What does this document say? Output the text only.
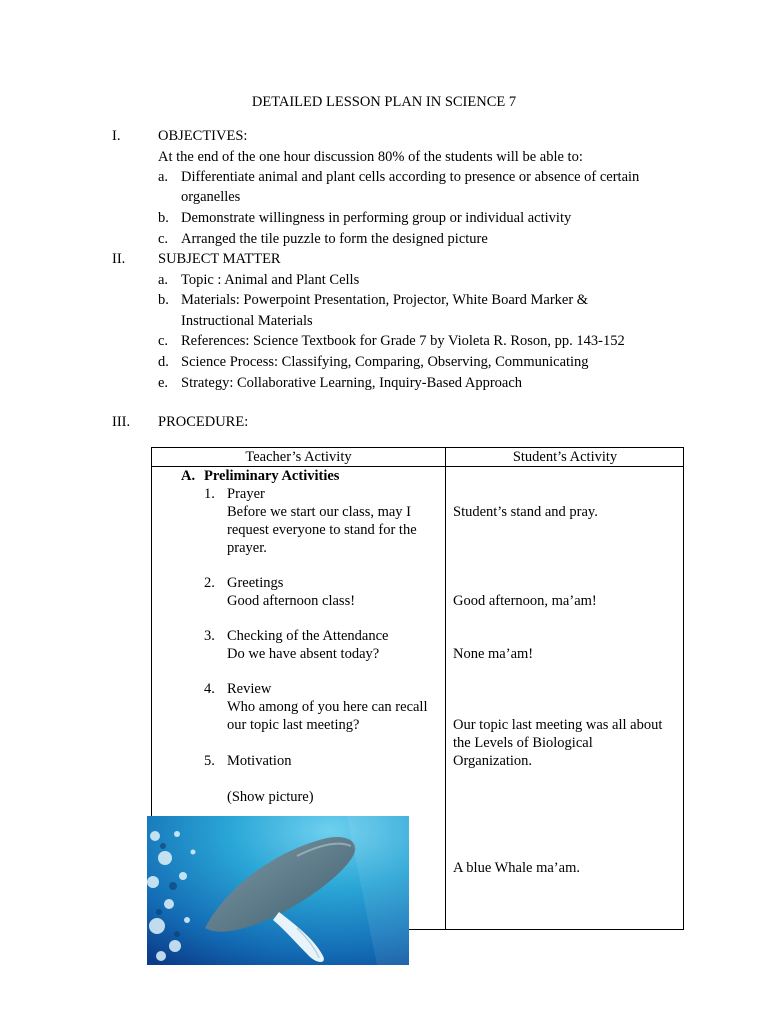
DETAILED LESSON PLAN IN SCIENCE 7
I.	OBJECTIVES:
At the end of the one hour discussion 80% of the students will be able to:
a. Differentiate animal and plant cells according to presence or absence of certain
organelles
b. Demonstrate willingness in performing group or individual activity
c. Arranged the tile puzzle to form the designed picture
II. SUBJECT MATTER
a. Topic : Animal and Plant Cells
b. Materials: Powerpoint Presentation, Projector, White Board Marker &
Instructional Materials
c. References: Science Textbook for Grade 7 by Violeta R. Roson, pp. 143-152
d. Science Process: Classifying, Comparing, Observing, Communicating
e. Strategy: Collaborative Learning, Inquiry-Based Approach
III. PROCEDURE:
Teacher’s Activity	Student’s Activity
A. Preliminary Activities
1. Prayer
Before we start our class, may I
request everyone to stand for the
prayer.
2. Greetings
Good afternoon class!
3. Checking of the Attendance
Do we have absent today?
4. Review
Who among of you here can recall
our topic last meeting?
5. Motivation
(Show picture)
Student’s stand and pray.
Good afternoon, ma’am!
None ma’am!
Our topic last meeting was all about
the Levels of Biological
Organization.
A blue Whale ma’am.
